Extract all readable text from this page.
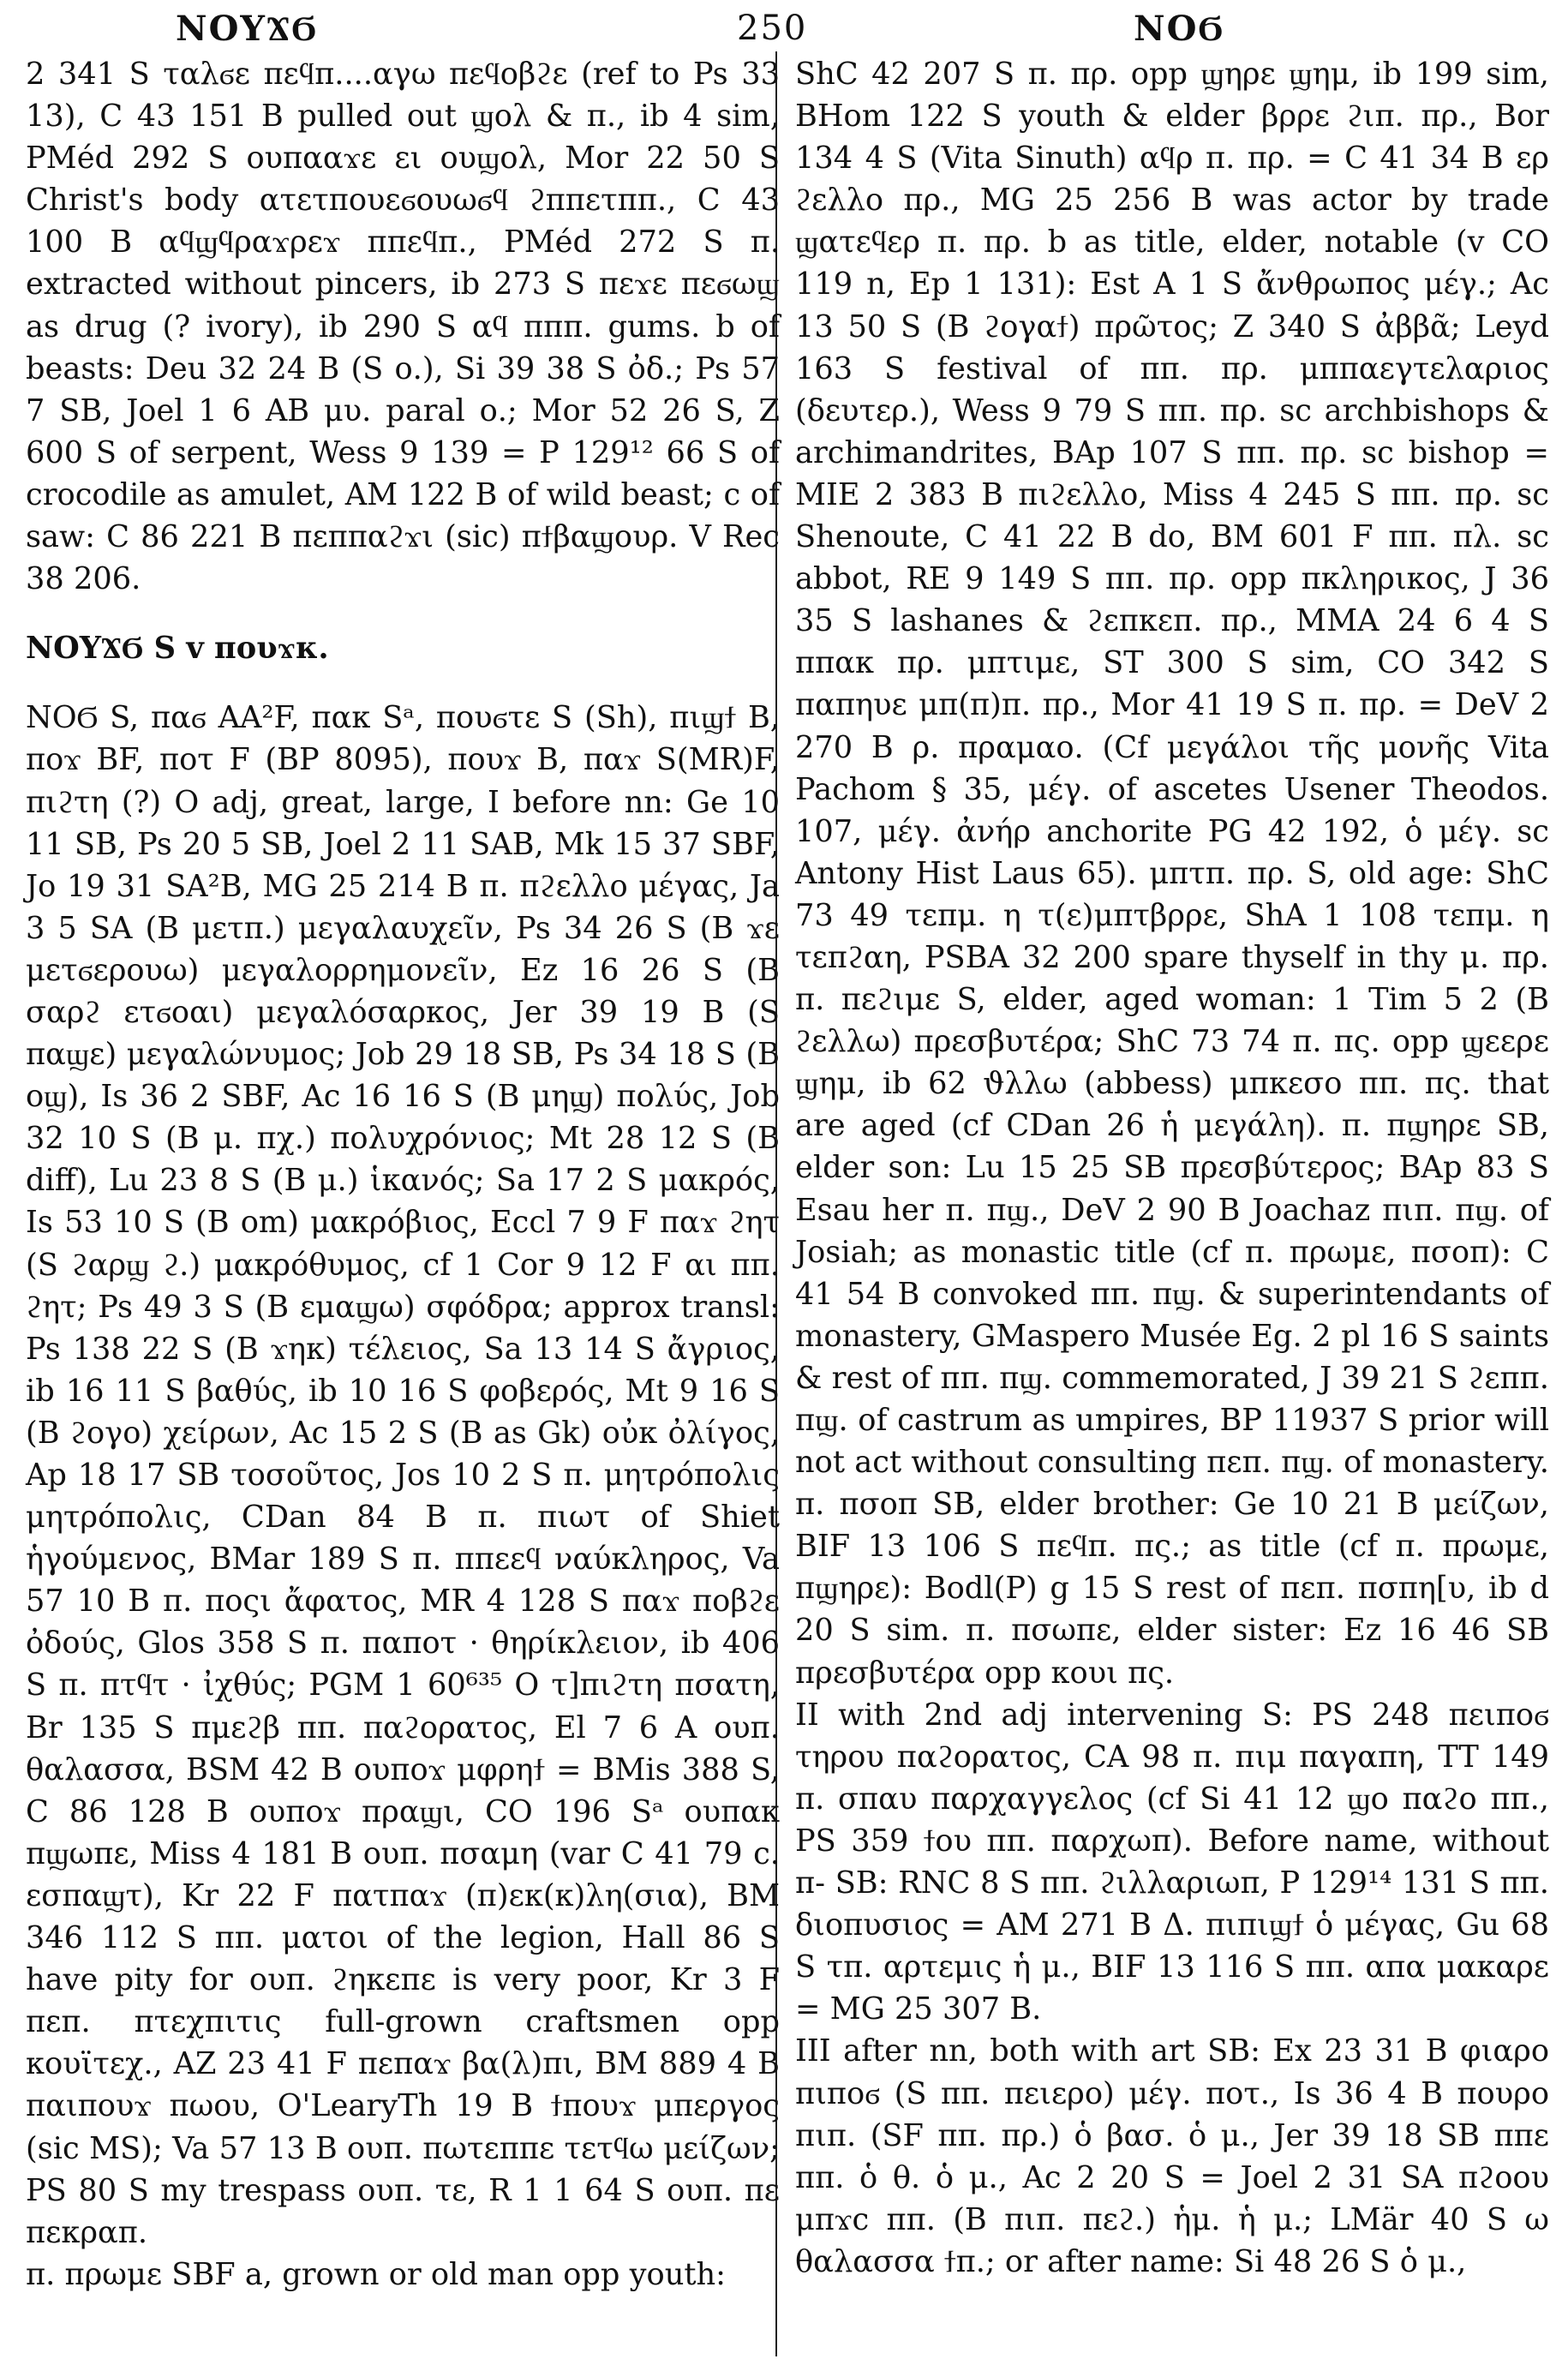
ΝΟΥϪϬ	250	ΝΟϬ

2 341 S ταλϭε πεϥπ....αγω πεϥοβϩε (ref to Ps 33 13), C 43 151 B pulled out ϣολ & π., ib 4 sim, PMéd 292 S ουπααϫε ει ουϣολ, Mor 22 50 S Christ's body ατετπουεϭουωϭϥ ϩππετππ., C 43 100 B αϥϣϥραϫρεϫ ππεϥπ., PMéd 272 S π. extracted without pincers, ib 273 S πεϫε πεϭωϣ as drug (? ivory), ib 290 S αϥ πππ. gums. b of beasts: Deu 32 24 B (S ο.), Si 39 38 S ὀδ.; Ps 57 7 SB, Joel 1 6 AB μυ. paral ο.; Mor 52 26 S, Z 600 S of serpent, Wess 9 139 = P 129¹² 66 S of crocodile as amulet, AM 122 B of wild beast; c of saw: C 86 221 B πεππαϩϫι (sic) πϯβαϣουρ. V Rec 38 206.

ΝΟΥϪϬ S v πουϫκ.

ΝΟϬ S, παϭ AA²F, πακ Sᵃ, πουϭτε S (Sh), πιϣϯ B, ποϫ BF, ποτ F (BP 8095), πουϫ B, παϫ S(MR)F, πιϩτη (?) O adj, great, large, I before nn: Ge 10 11 SB, Ps 20 5 SB, Joel 2 11 SAB, Mk 15 37 SBF, Jo 19 31 SA²B, MG 25 214 B π. πϩελλο μέγας, Ja 3 5 SA (B μετπ.) μεγαλαυχεῖν, Ps 34 26 S (B ϫε μετϭερουω) μεγαλορρημονεῖν, Ez 16 26 S (B σαρϩ ετϭοαι) μεγαλόσαρκος, Jer 39 19 B (S παϣε) μεγαλώνυμος; Job 29 18 SB, Ps 34 18 S (B οϣ), Is 36 2 SBF, Ac 16 16 S (B μηϣ) πολύς, Job 32 10 S (B μ. πχ.) πολυχρόνιος; Mt 28 12 S (B diff), Lu 23 8 S (B μ.) ἱκανός; Sa 17 2 S μακρός, Is 53 10 S (B om) μακρόβιος, Eccl 7 9 F παϫ ϩητ (S ϩαρϣ ϩ.) μακρόθυμος, cf 1 Cor 9 12 F αι ππ. ϩητ; Ps 49 3 S (B εμαϣω) σφόδρα; approx transl: Ps 138 22 S (B ϫηκ) τέλειος, Sa 13 14 S ἄγριος, ib 16 11 S βαθύς, ib 10 16 S φοβερός, Mt 9 16 S (B ϩογο) χείρων, Ac 15 2 S (B as Gk) οὐκ ὀλίγος, Ap 18 17 SB τοσοῦτος, Jos 10 2 S π. μητρόπολις μητρόπολις, CDan 84 B π. πιωτ of Shiet ἡγούμενος, BMar 189 S π. ππεεϥ ναύκληρος, Va 57 10 B π. ποςι ἄφατος, MR 4 128 S παϫ ποβϩε ὀδούς, Glos 358 S π. παποτ · θηρίκλειον, ib 406 S π. πτϥτ · ἰχθύς; PGM 1 60⁶³⁵ O τ]πιϩτη πσατη, Br 135 S πμεϩβ ππ. παϩορατος, El 7 6 A ουπ. θαλασσα, BSM 42 B ουποϫ μφρηϯ = BMis 388 S, C 86 128 B ουποϫ πραϣι, CO 196 Sᵃ ουπακ πϣωπε, Miss 4 181 B ουπ. πσαμη (var C 41 79 c. εσπαϣτ), Kr 22 F πατπαϫ (π)εκ(κ)λη(σια), BM 346 112 S ππ. ματοι of the legion, Hall 86 S have pity for ουπ. ϩηκεπε is very poor, Kr 3 F πεπ. πτεχπιτις full-grown craftsmen opp κουϊτεχ., AZ 23 41 F πεπαϫ βα(λ)πι, BM 889 4 B παιπουϫ πωου, O'LearyTh 19 B ϯπουϫ μπεργος (sic MS); Va 57 13 B ουπ. πωτεππε τετϥω μείζων; PS 80 S my trespass ουπ. τε, R 1 1 64 S ουπ. πε πεκραπ.

π. πρωμε SBF a, grown or old man opp youth:

ShC 42 207 S π. πρ. opp ϣηρε ϣημ, ib 199 sim, BHom 122 S youth & elder βρρε ϩιπ. πρ., Bor 134 4 S (Vita Sinuth) αϥρ π. πρ. = C 41 34 B ερ ϩελλο πρ., MG 25 256 B was actor by trade ϣατεϥερ π. πρ. b as title, elder, notable (v CO 119 n, Ep 1 131): Est A 1 S ἄνθρωπος μέγ.; Ac 13 50 S (B ϩογαϯ) πρῶτος; Z 340 S ἀββᾶ; Leyd 163 S festival of ππ. πρ. μππαεγτελαριος (δευτερ.), Wess 9 79 S ππ. πρ. sc archbishops & archimandrites, BAp 107 S ππ. πρ. sc bishop = MIE 2 383 B πιϩελλο, Miss 4 245 S ππ. πρ. sc Shenoute, C 41 22 B do, BM 601 F ππ. πλ. sc abbot, RE 9 149 S ππ. πρ. opp πκληρικος, J 36 35 S lashanes & ϩεπκεπ. πρ., MMA 24 6 4 S ππακ πρ. μπτιμε, ST 300 S sim, CO 342 S παπηυε μπ(π)π. πρ., Mor 41 19 S π. πρ. = DeV 2 270 B ρ. πραμαο. (Cf μεγάλοι τῆς μονῆς Vita Pachom § 35, μέγ. of ascetes Usener Theodos. 107, μέγ. ἀνήρ anchorite PG 42 192, ὁ μέγ. sc Antony Hist Laus 65). μπτπ. πρ. S, old age: ShC 73 49 τεπμ. η τ(ε)μπτβρρε, ShA 1 108 τεπμ. η τεπϩαη, PSBA 32 200 spare thyself in thy μ. πρ. π. πεϩιμε S, elder, aged woman: 1 Tim 5 2 (B ϩελλω) πρεσβυτέρα; ShC 73 74 π. πς. opp ϣεερε ϣημ, ib 62 ϑλλω (abbess) μπκεσο ππ. πς. that are aged (cf CDan 26 ἡ μεγάλη). π. πϣηρε SB, elder son: Lu 15 25 SB πρεσβύτερος; BAp 83 S Esau her π. πϣ., DeV 2 90 B Joachaz πιπ. πϣ. of Josiah; as monastic title (cf π. πρωμε, πσοπ): C 41 54 B convoked ππ. πϣ. & superintendants of monastery, GMaspero Musée Eg. 2 pl 16 S saints & rest of ππ. πϣ. commemorated, J 39 21 S ϩεππ. πϣ. of castrum as umpires, BP 11937 S prior will not act without consulting πεπ. πϣ. of monastery. π. πσοπ SB, elder brother: Ge 10 21 B μείζων, BIF 13 106 S πεϥπ. πς.; as title (cf π. πρωμε, πϣηρε): Bodl(P) g 15 S rest of πεπ. πσπη[υ, ib d 20 S sim. π. πσωπε, elder sister: Ez 16 46 SB πρεσβυτέρα opp κουι πς.

II with 2nd adj intervening S: PS 248 πειποϭ τηρου παϩορατος, CA 98 π. πιμ παγαπη, TT 149 π. σπαυ παρχαγγελος (cf Si 41 12 ϣο παϩο ππ., PS 359 ϯου ππ. παρχωπ). Before name, without π- SB: RNC 8 S ππ. ϩιλλαριωπ, P 129¹⁴ 131 S ππ. διοπυσιος = AM 271 B Δ. πιπιϣϯ ὁ μέγας, Gu 68 S τπ. αρτεμις ἡ μ., BIF 13 116 S ππ. απα μακαρε = MG 25 307 B.

III after nn, both with art SB: Ex 23 31 B φιαρο πιποϭ (S ππ. πειερο) μέγ. ποτ., Is 36 4 B πουρο πιπ. (SF ππ. πρ.) ὁ βασ. ὁ μ., Jer 39 18 SB ππε ππ. ὁ θ. ὁ μ., Ac 2 20 S = Joel 2 31 SA πϩοου μπϫc ππ. (B πιπ. πεϩ.) ἡμ. ἡ μ.; LMär 40 S ω θαλασσα ϯπ.; or after name: Si 48 26 S ὁ μ.,
